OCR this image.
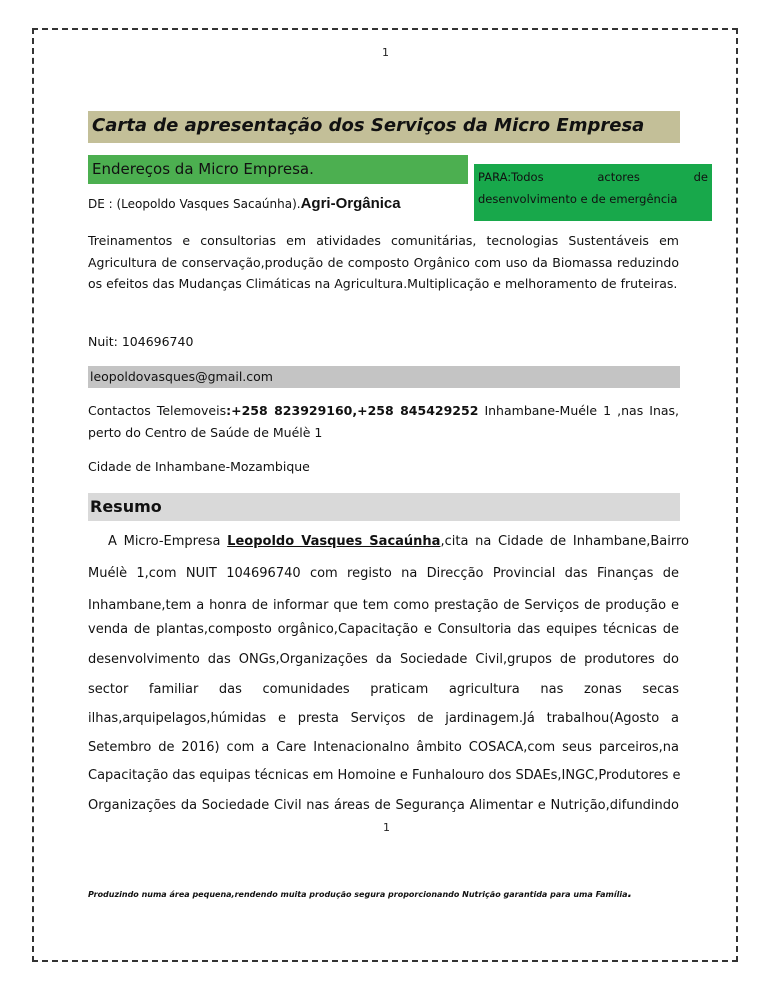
1
Carta de apresentação dos Serviços da Micro Empresa
Endereços da Micro Empresa.	PARA:Todos	actores	de
desenvolvimento e de emergência
DE : (Leopoldo Vasques Sacaúnha).Agri-Orgânica

Treinamentos e consultorias em atividades comunitárias, tecnologias Sustentáveis em Agricultura de conservação,produção de composto Orgânico com uso da Biomassa reduzindo os efeitos das Mudanças Climáticas na Agricultura.Multiplicação e melhoramento de fruteiras.

Nuit: 104696740
leopoldovasques@gmail.com

Contactos Telemoveis:+258 823929160,+258 845429252 Inhambane-Muéle 1 ,nas Inas, perto do Centro de Saúde de Muélè 1

Cidade de Inhambane-Mozambique
Resumo
A Micro-Empresa Leopoldo Vasques Sacaúnha,cita na Cidade de Inhambane,Bairro
Muélè 1,com NUIT 104696740 com registo na Direcção Provincial das Finanças de
Inhambane,tem a honra de informar que tem como prestação de Serviços de produção e
venda de plantas,composto orgânico,Capacitação e Consultoria das equipes técnicas de
desenvolvimento das ONGs,Organizações da Sociedade Civil,grupos de produtores do
sector familiar das comunidades praticam agricultura nas zonas secas
ilhas,arquipelagos,húmidas e presta Serviços de jardinagem.Já trabalhou(Agosto a
Setembro de 2016) com a Care Intenacionalno âmbito COSACA,com seus parceiros,na
Capacitação das equipas técnicas em Homoine e Funhalouro dos SDAEs,INGC,Produtores e
Organizações da Sociedade Civil nas áreas de Segurança Alimentar e Nutrição,difundindo
1
Produzindo numa área pequena,rendendo muita produção segura proporcionando Nutrição garantida para uma Família.
